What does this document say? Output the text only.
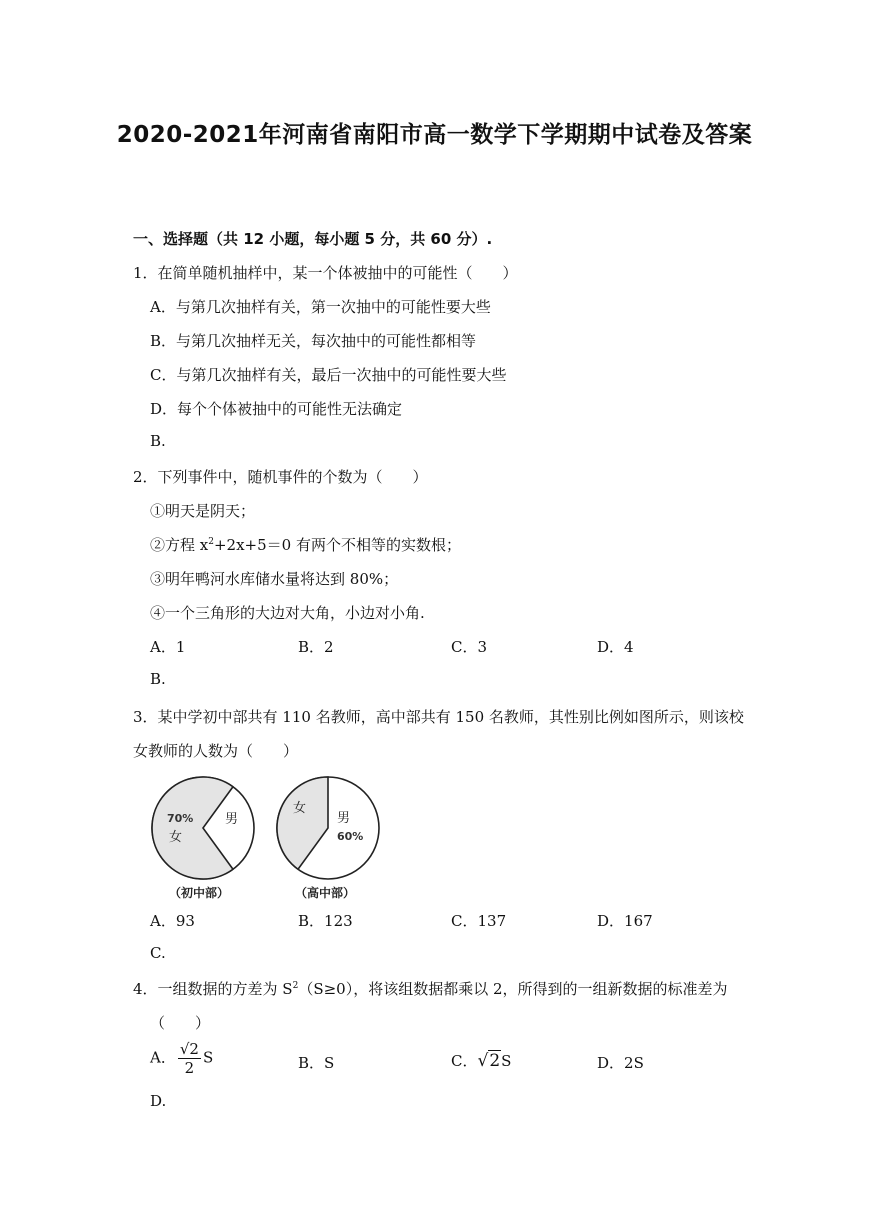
2020-2021年河南省南阳市高一数学下学期期中试卷及答案
一、选择题（共 12 小题，每小题 5 分，共 60 分）.
1．在简单随机抽样中，某一个体被抽中的可能性（　　）
A．与第几次抽样有关，第一次抽中的可能性要大些
B．与第几次抽样无关，每次抽中的可能性都相等
C．与第几次抽样有关，最后一次抽中的可能性要大些
D．每个个体被抽中的可能性无法确定
B.
2．下列事件中，随机事件的个数为（　　）
①明天是阴天；
②方程 $x^2+2x+5=0$ 有两个不相等的实数根；
③明年鸭河水库储水量将达到 80%；
④一个三角形的大边对大角，小边对小角.
A．1	B．2	C．3	D．4
B.
3．某中学初中部共有 110 名教师，高中部共有 150 名教师，其性别比例如图所示，则该校
女教师的人数为（　　）
70%
女
男
（初中部）
女
男
60%
（高中部）
A．93	B．123	C．137	D．167
C.
4．一组数据的方差为 $S^2(S\ge 0)$，将该组数据都乘以 2，所得到的一组新数据的标准差为
（　　）
A． $\frac{√2}{2}$ S	B．S	C．√2S	D．2S
D.
